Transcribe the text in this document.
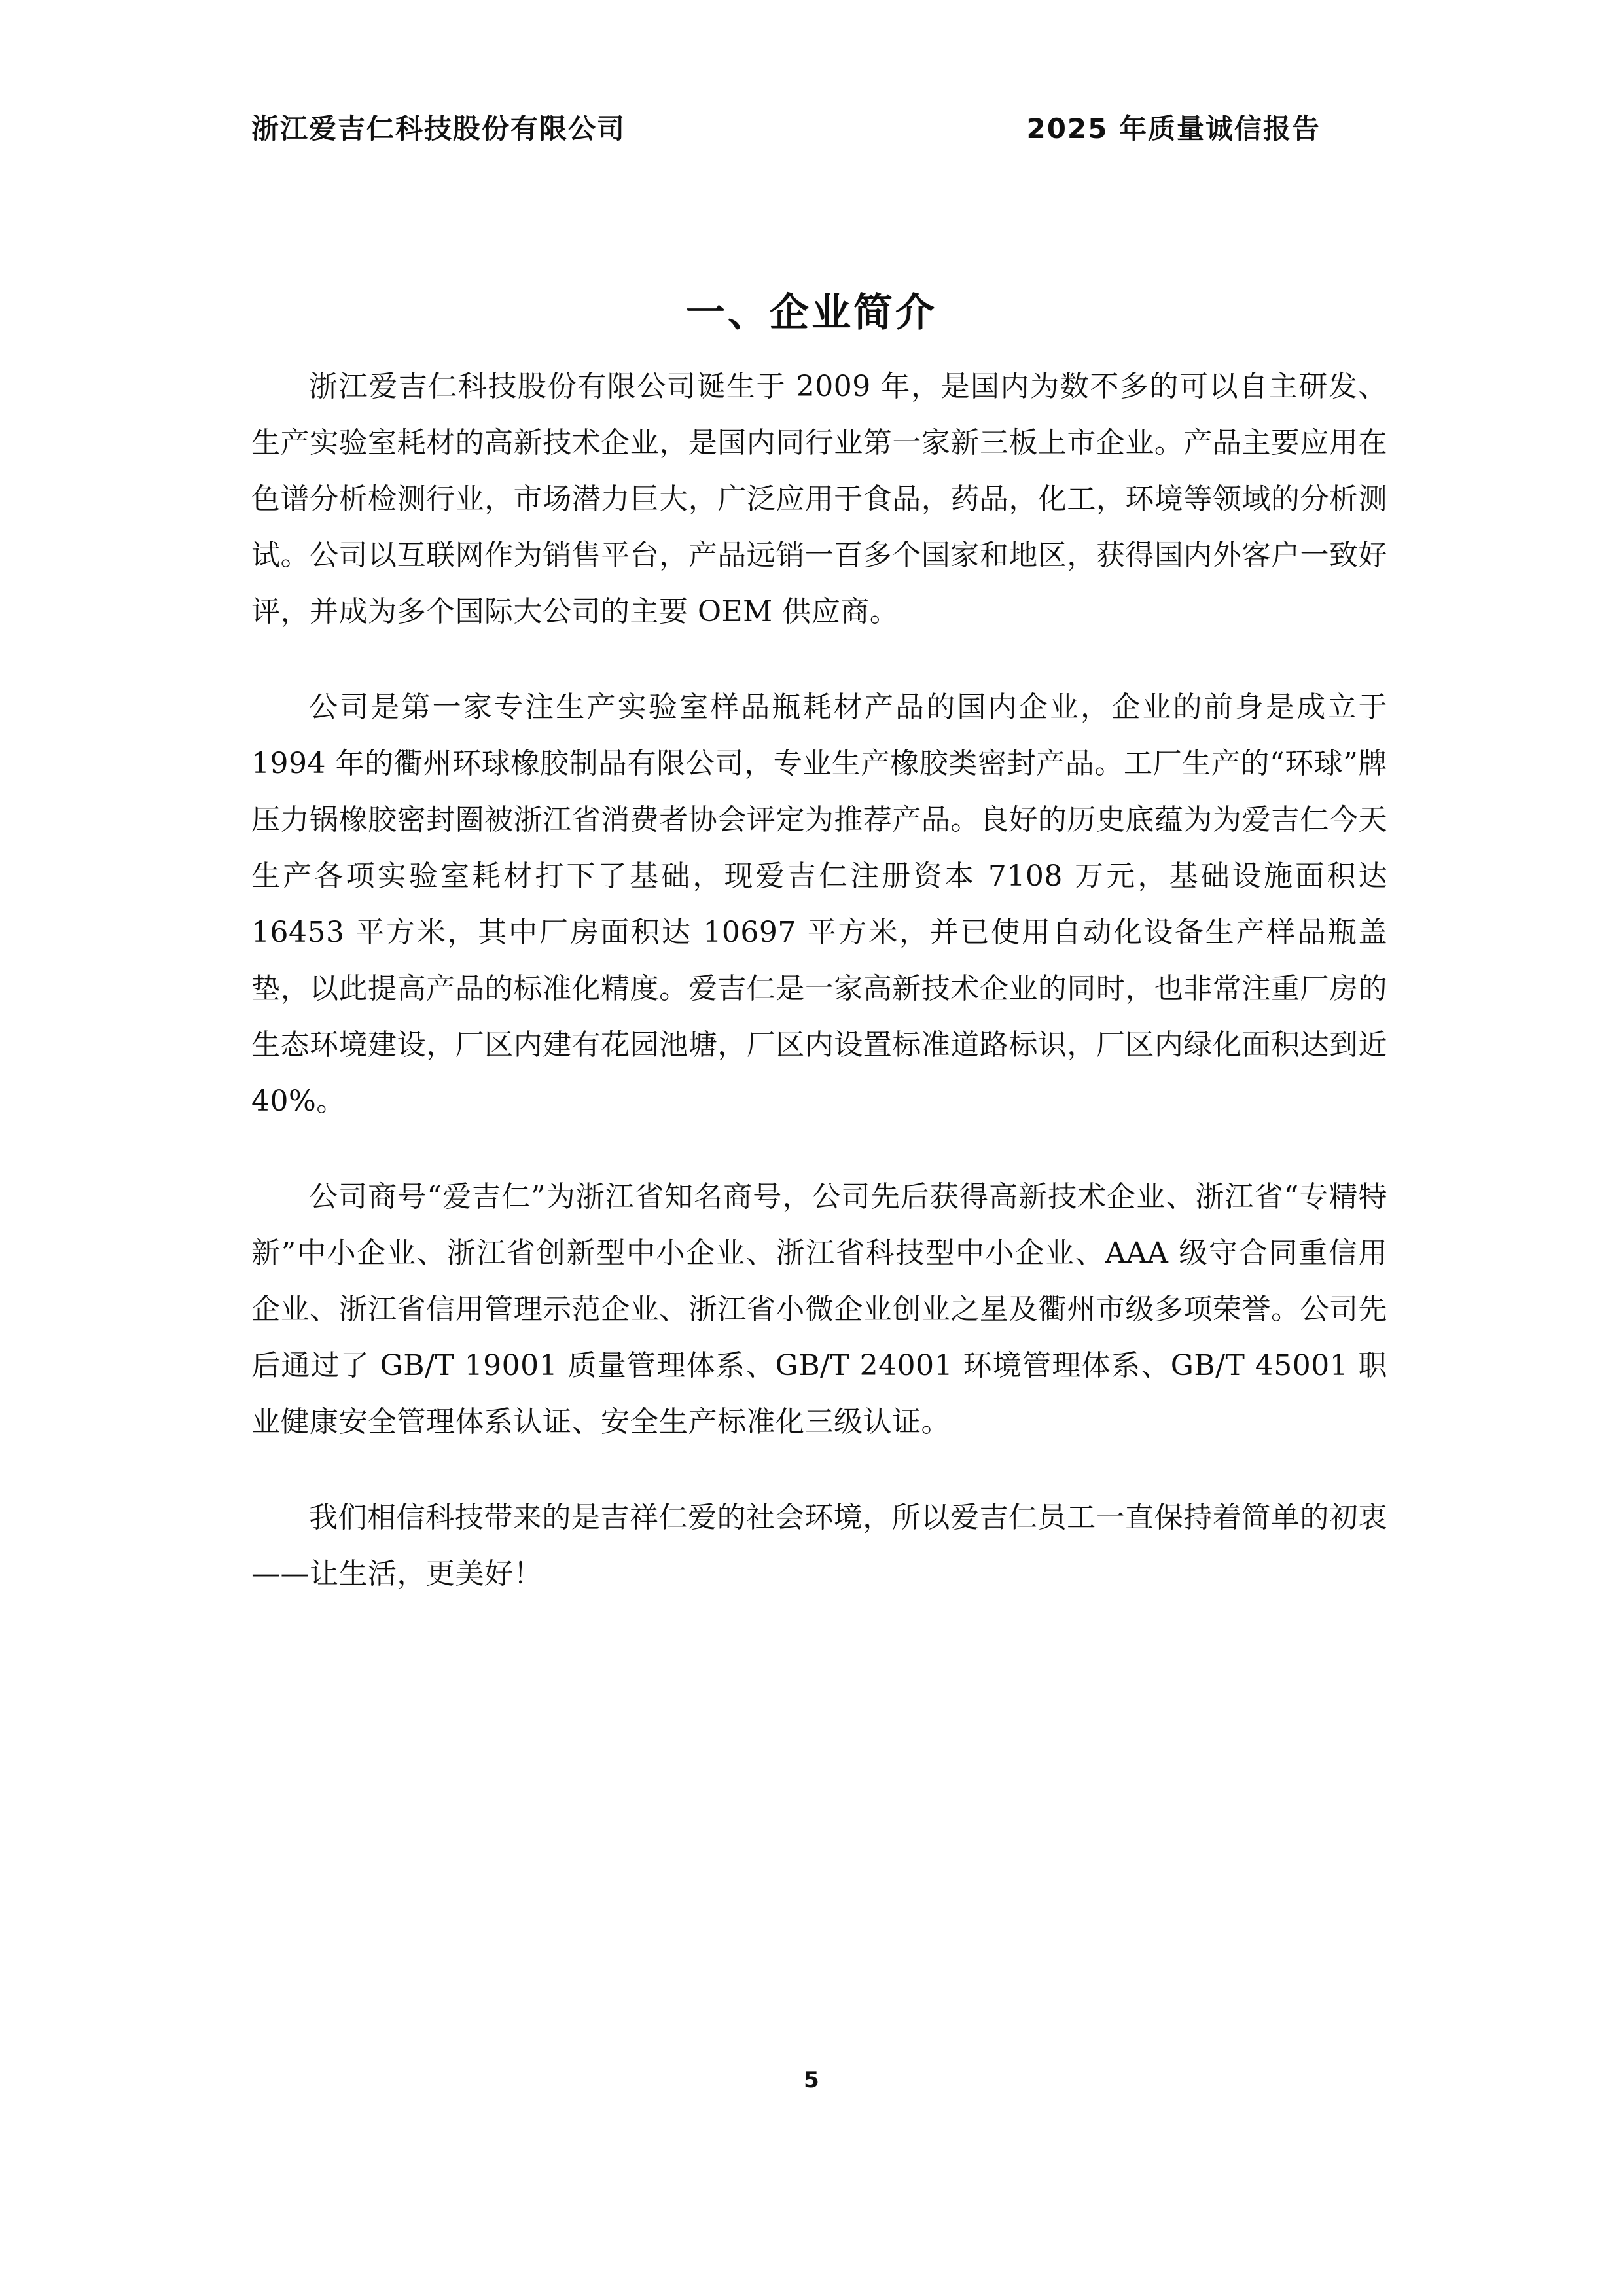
浙江爱吉仁科技股份有限公司	2025 年质量诚信报告
一、企业简介

浙江爱吉仁科技股份有限公司诞生于 2009 年，是国内为数不多的可以自主研发、生产实验室耗材的高新技术企业，是国内同行业第一家新三板上市企业。产品主要应用在色谱分析检测行业，市场潜力巨大，广泛应用于食品，药品，化工，环境等领域的分析测试。公司以互联网作为销售平台，产品远销一百多个国家和地区，获得国内外客户一致好评，并成为多个国际大公司的主要 OEM 供应商。

公司是第一家专注生产实验室样品瓶耗材产品的国内企业，企业的前身是成立于 1994 年的衢州环球橡胶制品有限公司，专业生产橡胶类密封产品。工厂生产的“环球”牌压力锅橡胶密封圈被浙江省消费者协会评定为推荐产品。良好的历史底蕴为为爱吉仁今天生产各项实验室耗材打下了基础，现爱吉仁注册资本 7108 万元，基础设施面积达 16453 平方米，其中厂房面积达 10697 平方米，并已使用自动化设备生产样品瓶盖垫，以此提高产品的标准化精度。爱吉仁是一家高新技术企业的同时，也非常注重厂房的生态环境建设，厂区内建有花园池塘，厂区内设置标准道路标识，厂区内绿化面积达到近 40%。

公司商号“爱吉仁”为浙江省知名商号，公司先后获得高新技术企业、浙江省“专精特新”中小企业、浙江省创新型中小企业、浙江省科技型中小企业、AAA 级守合同重信用企业、浙江省信用管理示范企业、浙江省小微企业创业之星及衢州市级多项荣誉。公司先后通过了 GB/T 19001 质量管理体系、GB/T 24001 环境管理体系、GB/T 45001 职业健康安全管理体系认证、安全生产标准化三级认证。

我们相信科技带来的是吉祥仁爱的社会环境，所以爱吉仁员工一直保持着简单的初衷——让生活，更美好！

5
